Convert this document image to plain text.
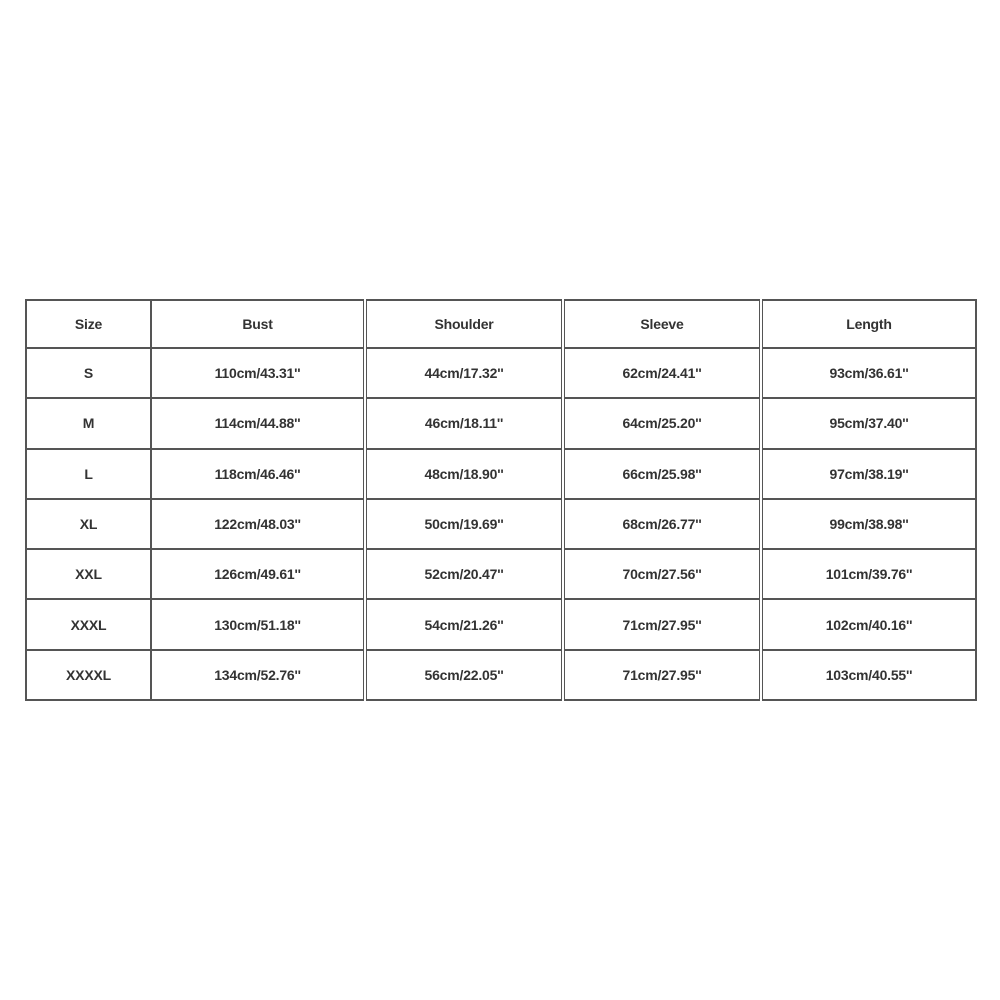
Size	Bust	Shoulder	Sleeve	Length
S	110cm/43.31''	44cm/17.32''	62cm/24.41''	93cm/36.61''
M	114cm/44.88''	46cm/18.11''	64cm/25.20''	95cm/37.40''
L	118cm/46.46''	48cm/18.90''	66cm/25.98''	97cm/38.19''
XL	122cm/48.03''	50cm/19.69''	68cm/26.77''	99cm/38.98''
XXL	126cm/49.61''	52cm/20.47''	70cm/27.56''	101cm/39.76''
XXXL	130cm/51.18''	54cm/21.26''	71cm/27.95''	102cm/40.16''
XXXXL	134cm/52.76''	56cm/22.05''	71cm/27.95''	103cm/40.55''
